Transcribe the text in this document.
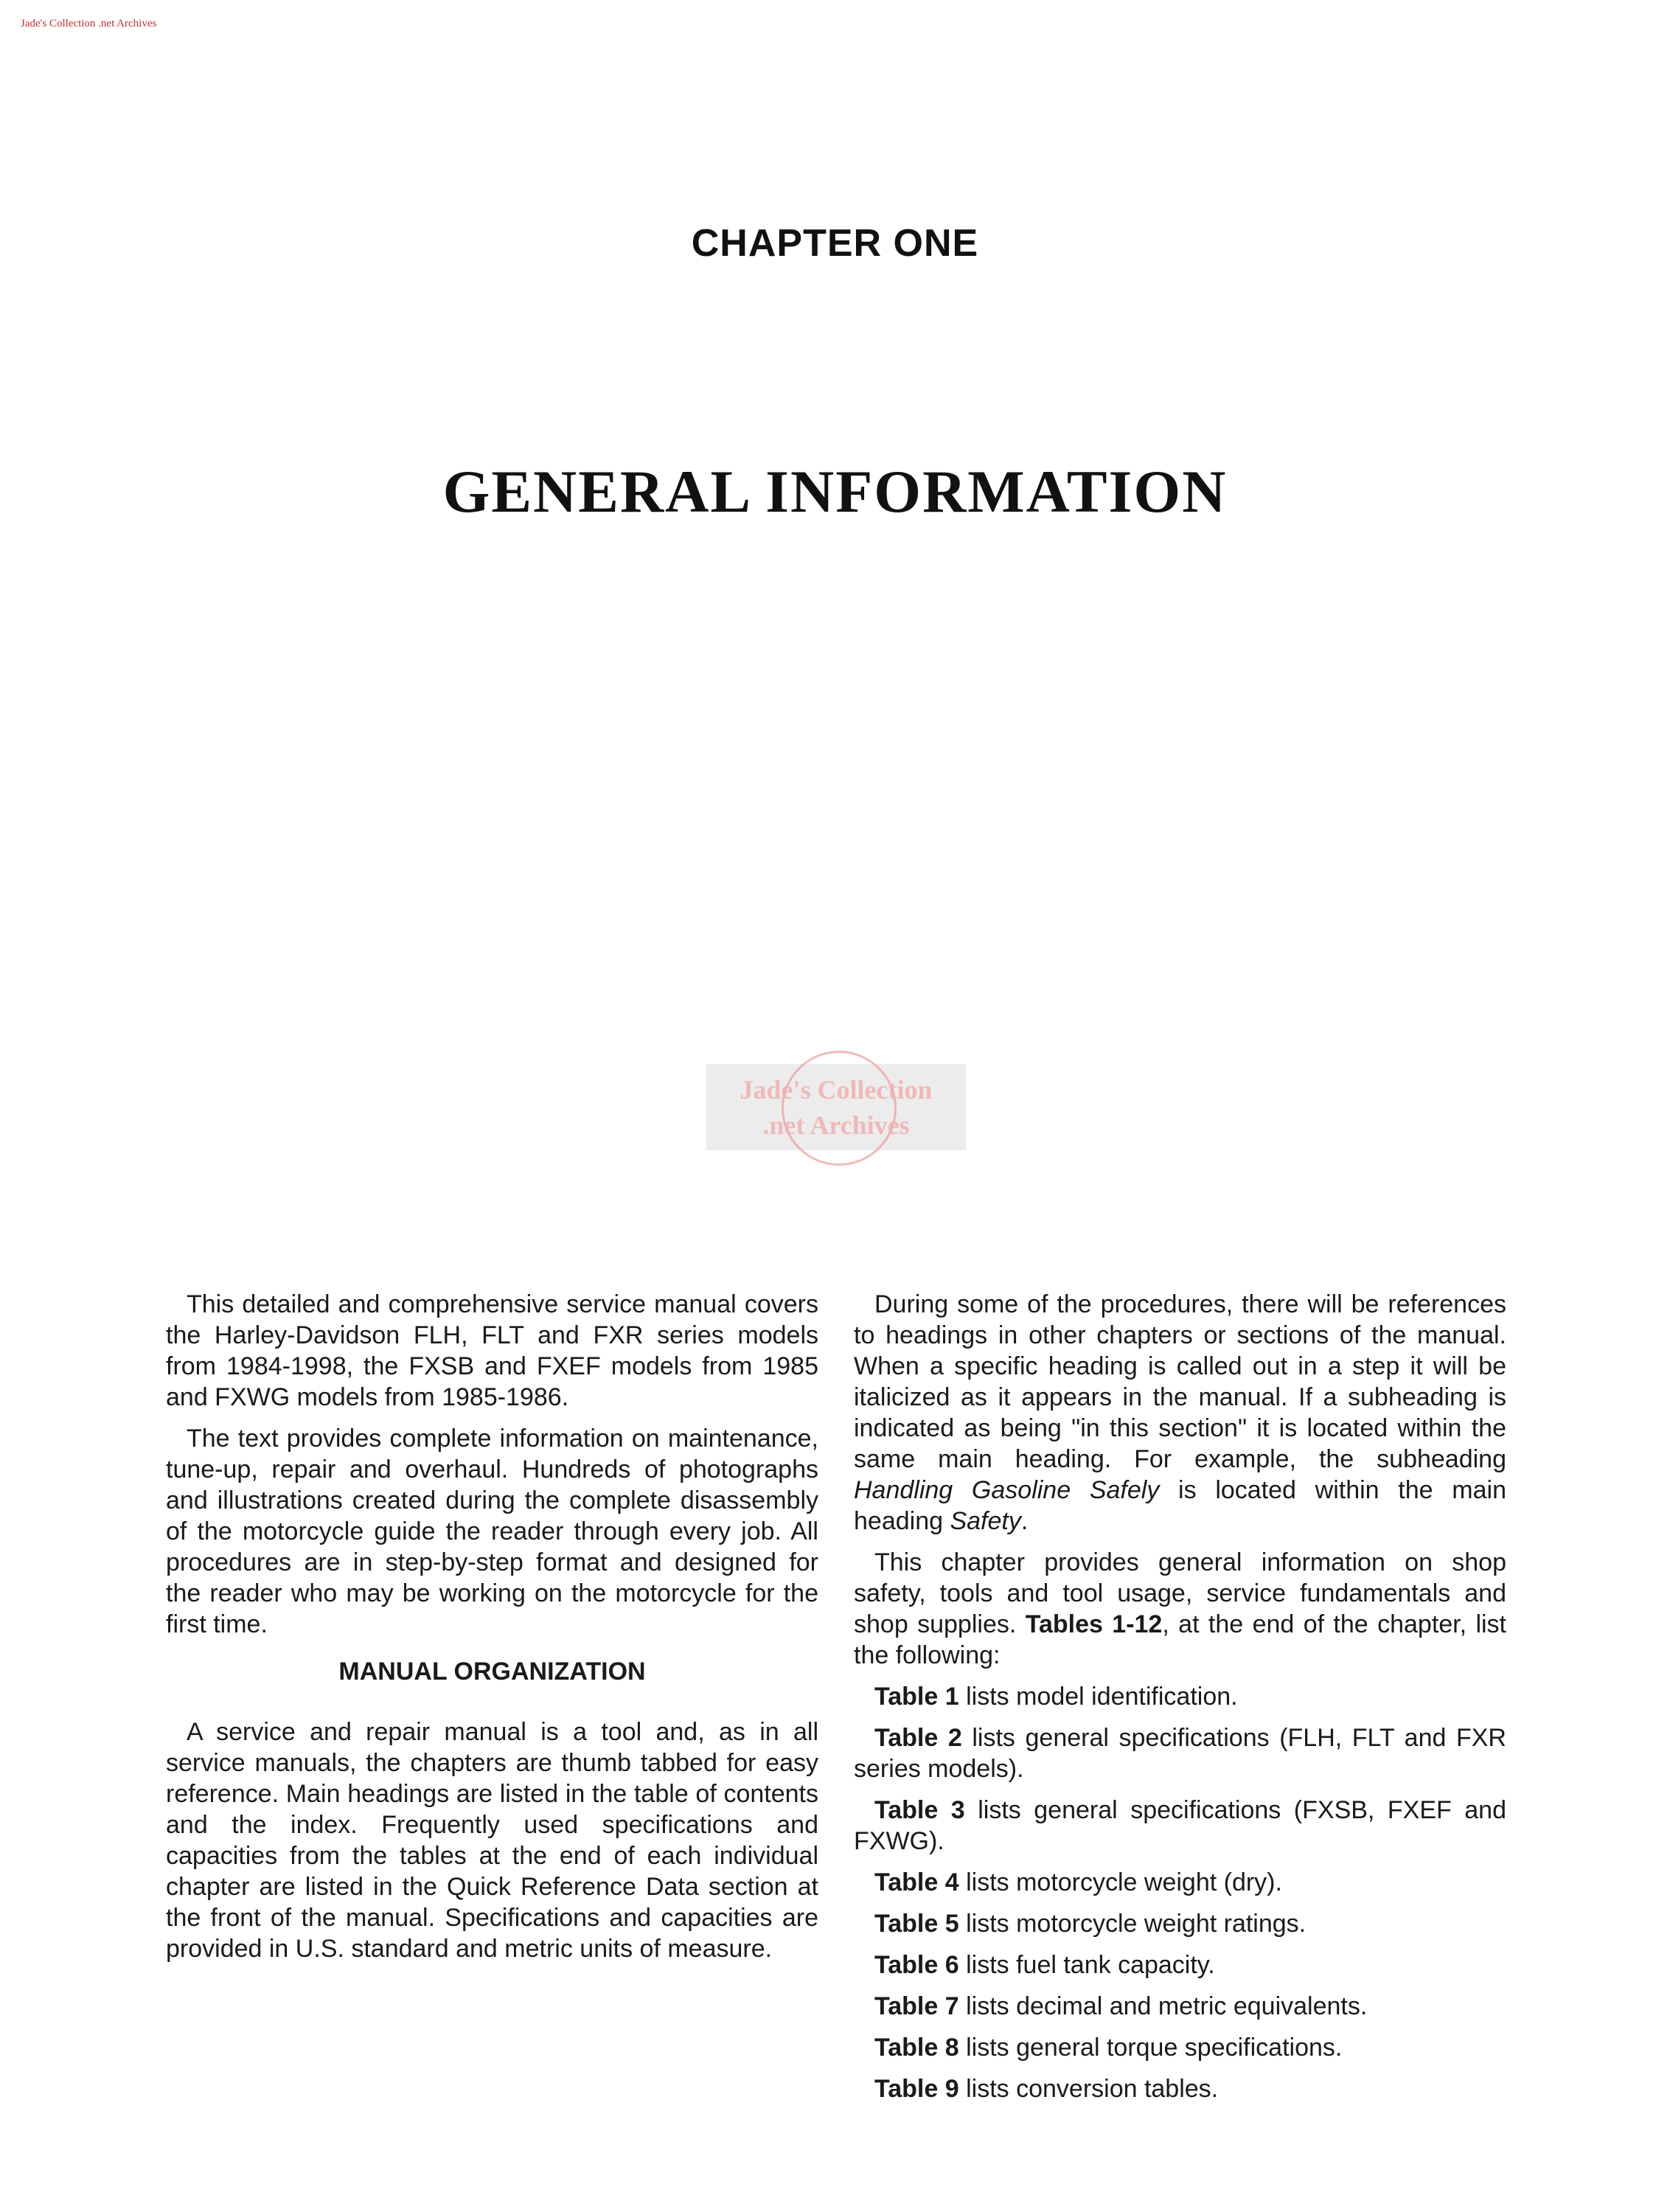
Jade's Collection .net Archives
CHAPTER ONE
GENERAL INFORMATION
Jade's Collection
.net Archives

This detailed and comprehensive service manual covers the Harley-Davidson FLH, FLT and FXR series models from 1984-1998, the FXSB and FXEF models from 1985 and FXWG models from 1985-1986.

The text provides complete information on maintenance, tune-up, repair and overhaul. Hundreds of photographs and illustrations created during the complete disassembly of the motorcycle guide the reader through every job. All procedures are in step-by-step format and designed for the reader who may be working on the motorcycle for the first time.

MANUAL ORGANIZATION

A service and repair manual is a tool and, as in all service manuals, the chapters are thumb tabbed for easy reference. Main headings are listed in the table of contents and the index. Frequently used specifications and capacities from the tables at the end of each individual chapter are listed in the Quick Reference Data section at the front of the manual. Specifications and capacities are provided in U.S. standard and metric units of measure.

During some of the procedures, there will be references to headings in other chapters or sections of the manual. When a specific heading is called out in a step it will be italicized as it appears in the manual. If a subheading is indicated as being "in this section" it is located within the same main heading. For example, the subheading Handling Gasoline Safely is located within the main heading Safety.

This chapter provides general information on shop safety, tools and tool usage, service fundamentals and shop supplies. Tables 1-12, at the end of the chapter, list the following:

Table 1 lists model identification.

Table 2 lists general specifications (FLH, FLT and FXR series models).

Table 3 lists general specifications (FXSB, FXEF and FXWG).

Table 4 lists motorcycle weight (dry).

Table 5 lists motorcycle weight ratings.

Table 6 lists fuel tank capacity.

Table 7 lists decimal and metric equivalents.

Table 8 lists general torque specifications.

Table 9 lists conversion tables.
